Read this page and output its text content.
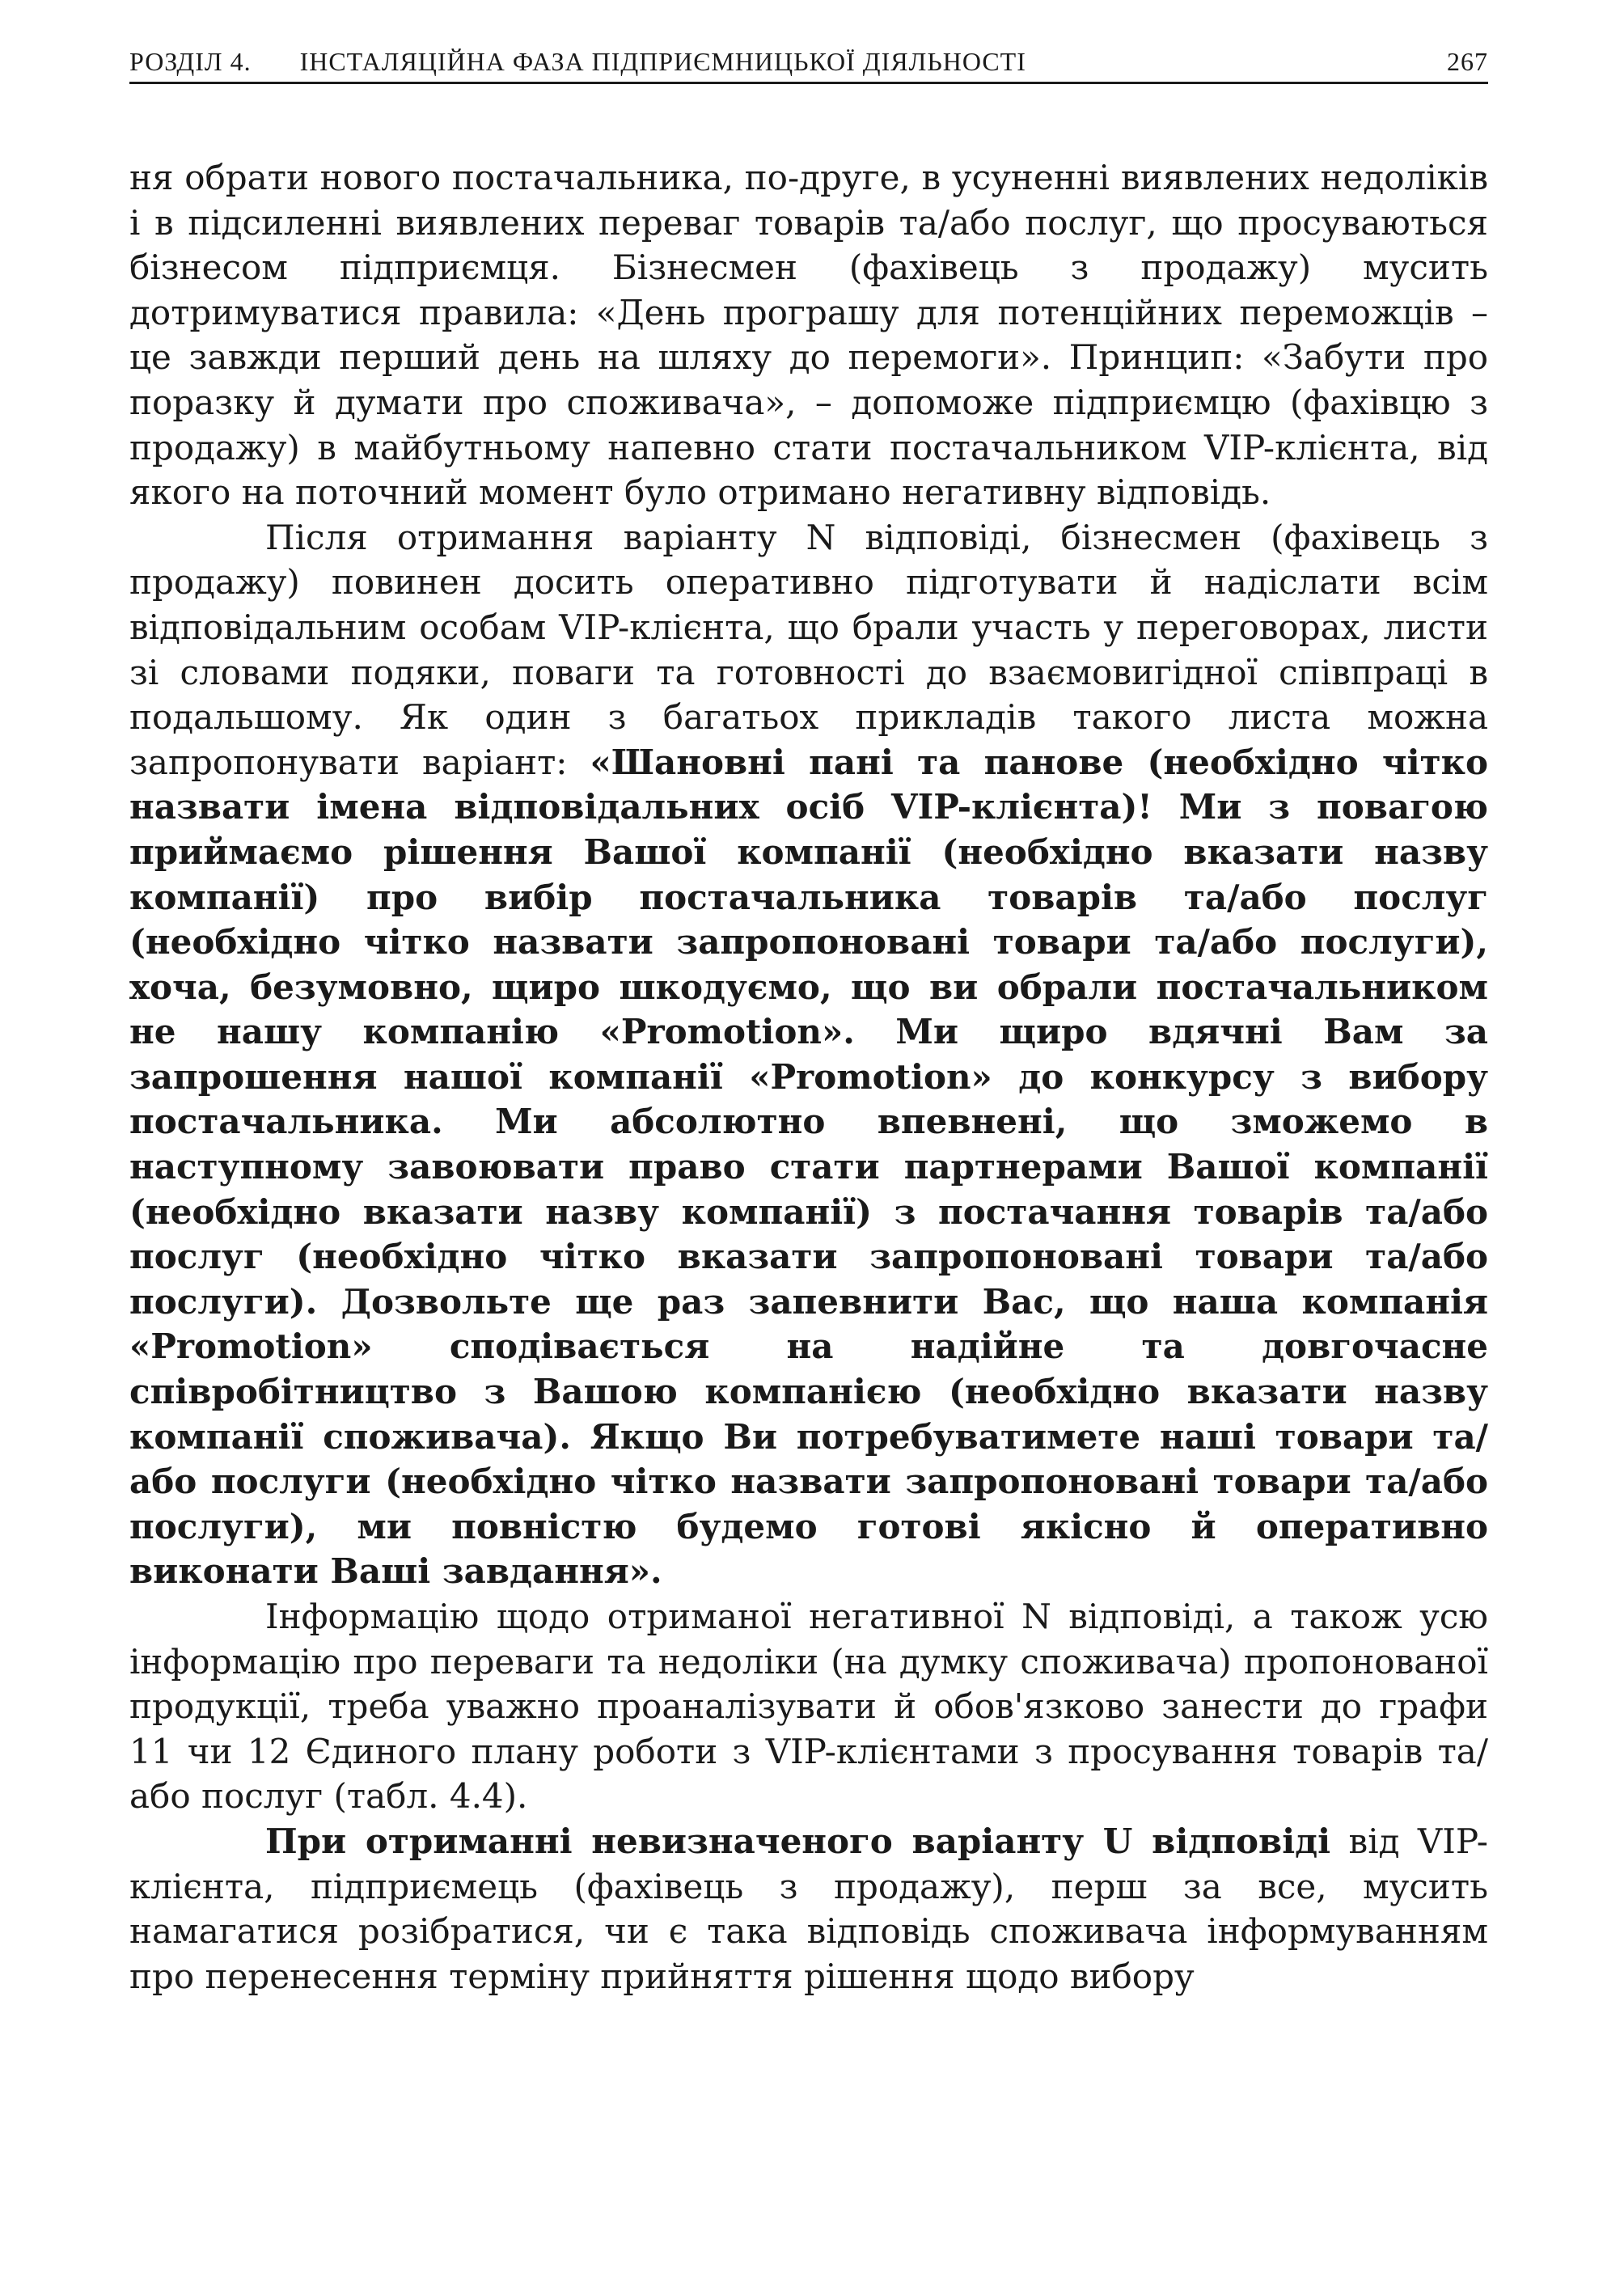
РОЗДІЛ 4. ІНСТАЛЯЦІЙНА ФАЗА ПІДПРИЄМНИЦЬКОЇ ДІЯЛЬНОСТІ	267

ня обрати нового постачальника, по-друге, в усуненні виявлених недоліків і в підсиленні виявлених переваг товарів та/або послуг, що просуваються бізнесом підприємця. Бізнесмен (фахівець з продажу) мусить дотримуватися правила: «День програшу для потенційних переможців – це завжди перший день на шляху до перемоги». Принцип: «Забути про поразку й думати про споживача», – допоможе підприємцю (фахівцю з продажу) в майбутньому напевно стати постачальником VIP-клієнта, від якого на поточний момент було отримано негативну відповідь.

Після отримання варіанту N відповіді, бізнесмен (фахівець з продажу) повинен досить оперативно підготувати й надіслати всім відповідальним особам VIP-клієнта, що брали участь у переговорах, листи зі словами подяки, поваги та готовності до взаємовигідної співпраці в подальшому. Як один з багатьох прикладів такого листа можна запропонувати варіант: «Шановні пані та панове (необхідно чітко назвати імена відповідальних осіб VIP-клієнта)! Ми з повагою приймаємо рішення Вашої компанії (необхідно вказати назву компанії) про вибір постачальника товарів та/або послуг (необхідно чітко назвати запропоновані товари та/або послуги), хоча, безумовно, щиро шкодуємо, що ви обрали постачальником не нашу компанію «Promotion». Ми щиро вдячні Вам за запрошення нашої компанії «Promotion» до конкурсу з вибору постачальника. Ми абсолютно впевнені, що зможемо в наступному завоювати право стати партнерами Вашої компанії (необхідно вказати назву компанії) з постачання товарів та/або послуг (необхідно чітко вказати запропоновані товари та/або послуги). Дозвольте ще раз запевнити Вас, що наша компанія «Promotion» сподівається на надійне та довгочасне співробітництво з Вашою компанією (необхідно вказати назву компанії споживача). Якщо Ви потребуватимете наші товари та/або послуги (необхідно чітко назвати запропоновані товари та/або послуги), ми повністю будемо готові якісно й оперативно виконати Ваші завдання».

Інформацію щодо отриманої негативної N відповіді, а також усю інформацію про переваги та недоліки (на думку споживача) пропонованої продукції, треба уважно проаналізувати й обов'язково занести до графи 11 чи 12 Єдиного плану роботи з VIP-клієнтами з просування товарів та/або послуг (табл. 4.4).

При отриманні невизначеного варіанту U відповіді від VIP-клієнта, підприємець (фахівець з продажу), перш за все, мусить намагатися розібратися, чи є така відповідь споживача інформуванням про перенесення терміну прийняття рішення щодо вибору
